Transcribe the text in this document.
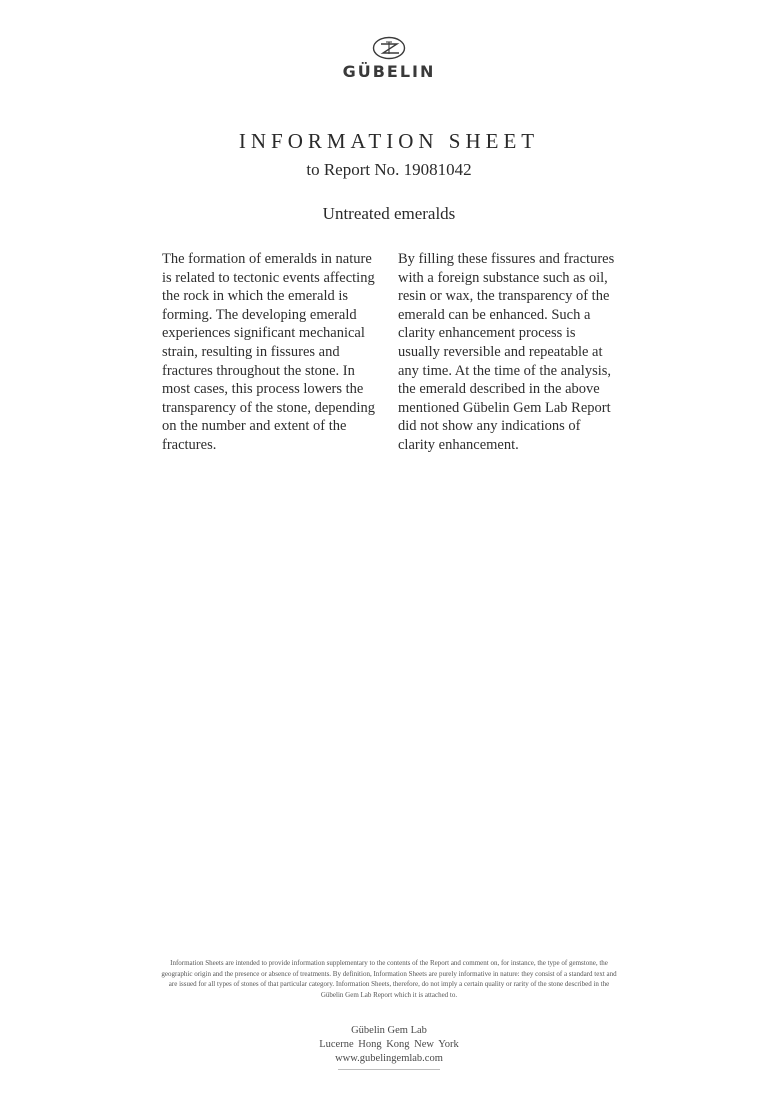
GÜBELIN
INFORMATION SHEET
to Report No. 19081042
Untreated emeralds
The formation of emeralds in nature is related to tectonic events affecting the rock in which the emerald is forming. The developing emerald experiences significant mechanical strain, resulting in fissures and fractures throughout the stone. In most cases, this process lowers the transparency of the stone, depending on the number and extent of the fractures.
By filling these fissures and fractures with a foreign substance such as oil, resin or wax, the transparency of the emerald can be enhanced. Such a clarity enhancement process is usually reversible and repeatable at any time. At the time of the analysis, the emerald described in the above mentioned Gübelin Gem Lab Report did not show any indications of clarity enhancement.
Information Sheets are intended to provide information supplementary to the contents of the Report and comment on, for instance, the type of gemstone, the geographic origin and the presence or absence of treatments. By definition, Information Sheets are purely informative in nature: they consist of a standard text and are issued for all types of stones of that particular category. Information Sheets, therefore, do not imply a certain quality or rarity of the stone described in the Gübelin Gem Lab Report which it is attached to.
Gübelin Gem Lab
Lucerne Hong Kong New York
www.gubelingemlab.com
